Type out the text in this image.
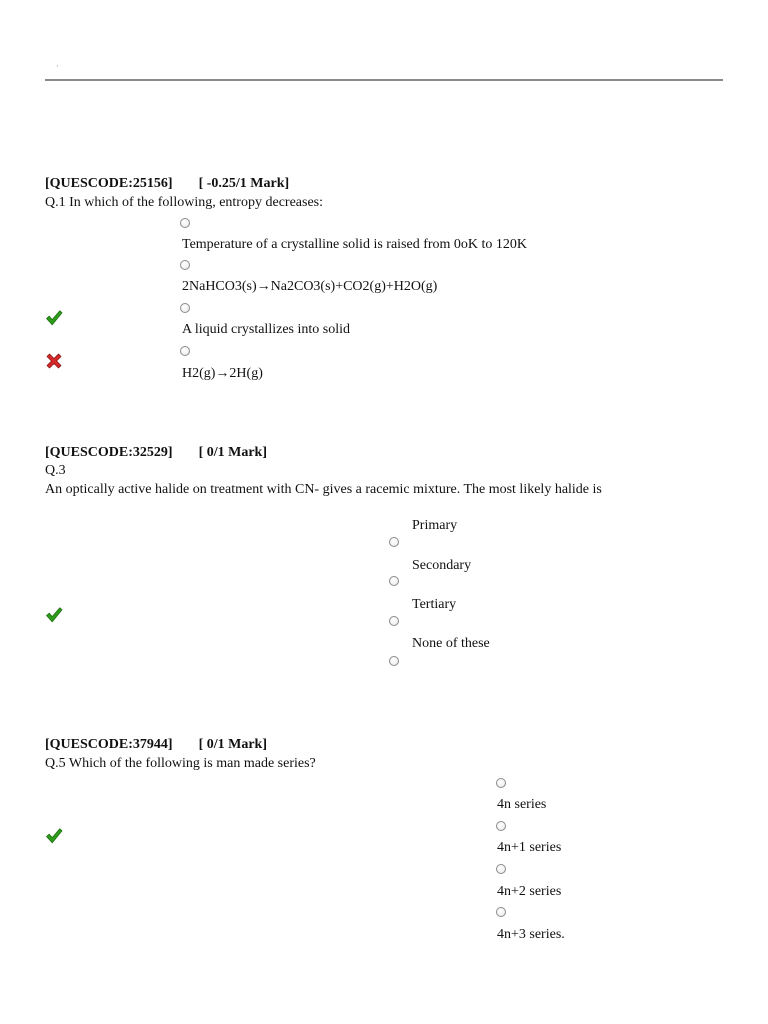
·
[QUESCODE:25156] [ -0.25/1 Mark]
Q.1 In which of the following, entropy decreases:
Temperature of a crystalline solid is raised from 0oK to 120K
2NaHCO3(s)→Na2CO3(s)+CO2(g)+H2O(g)
A liquid crystallizes into solid
H2(g)→2H(g)
[QUESCODE:32529] [ 0/1 Mark]
Q.3
An optically active halide on treatment with CN- gives a racemic mixture. The most likely halide is
Primary
Secondary
Tertiary
None of these
[QUESCODE:37944] [ 0/1 Mark]
Q.5 Which of the following is man made series?
4n series
4n+1 series
4n+2 series
4n+3 series.
